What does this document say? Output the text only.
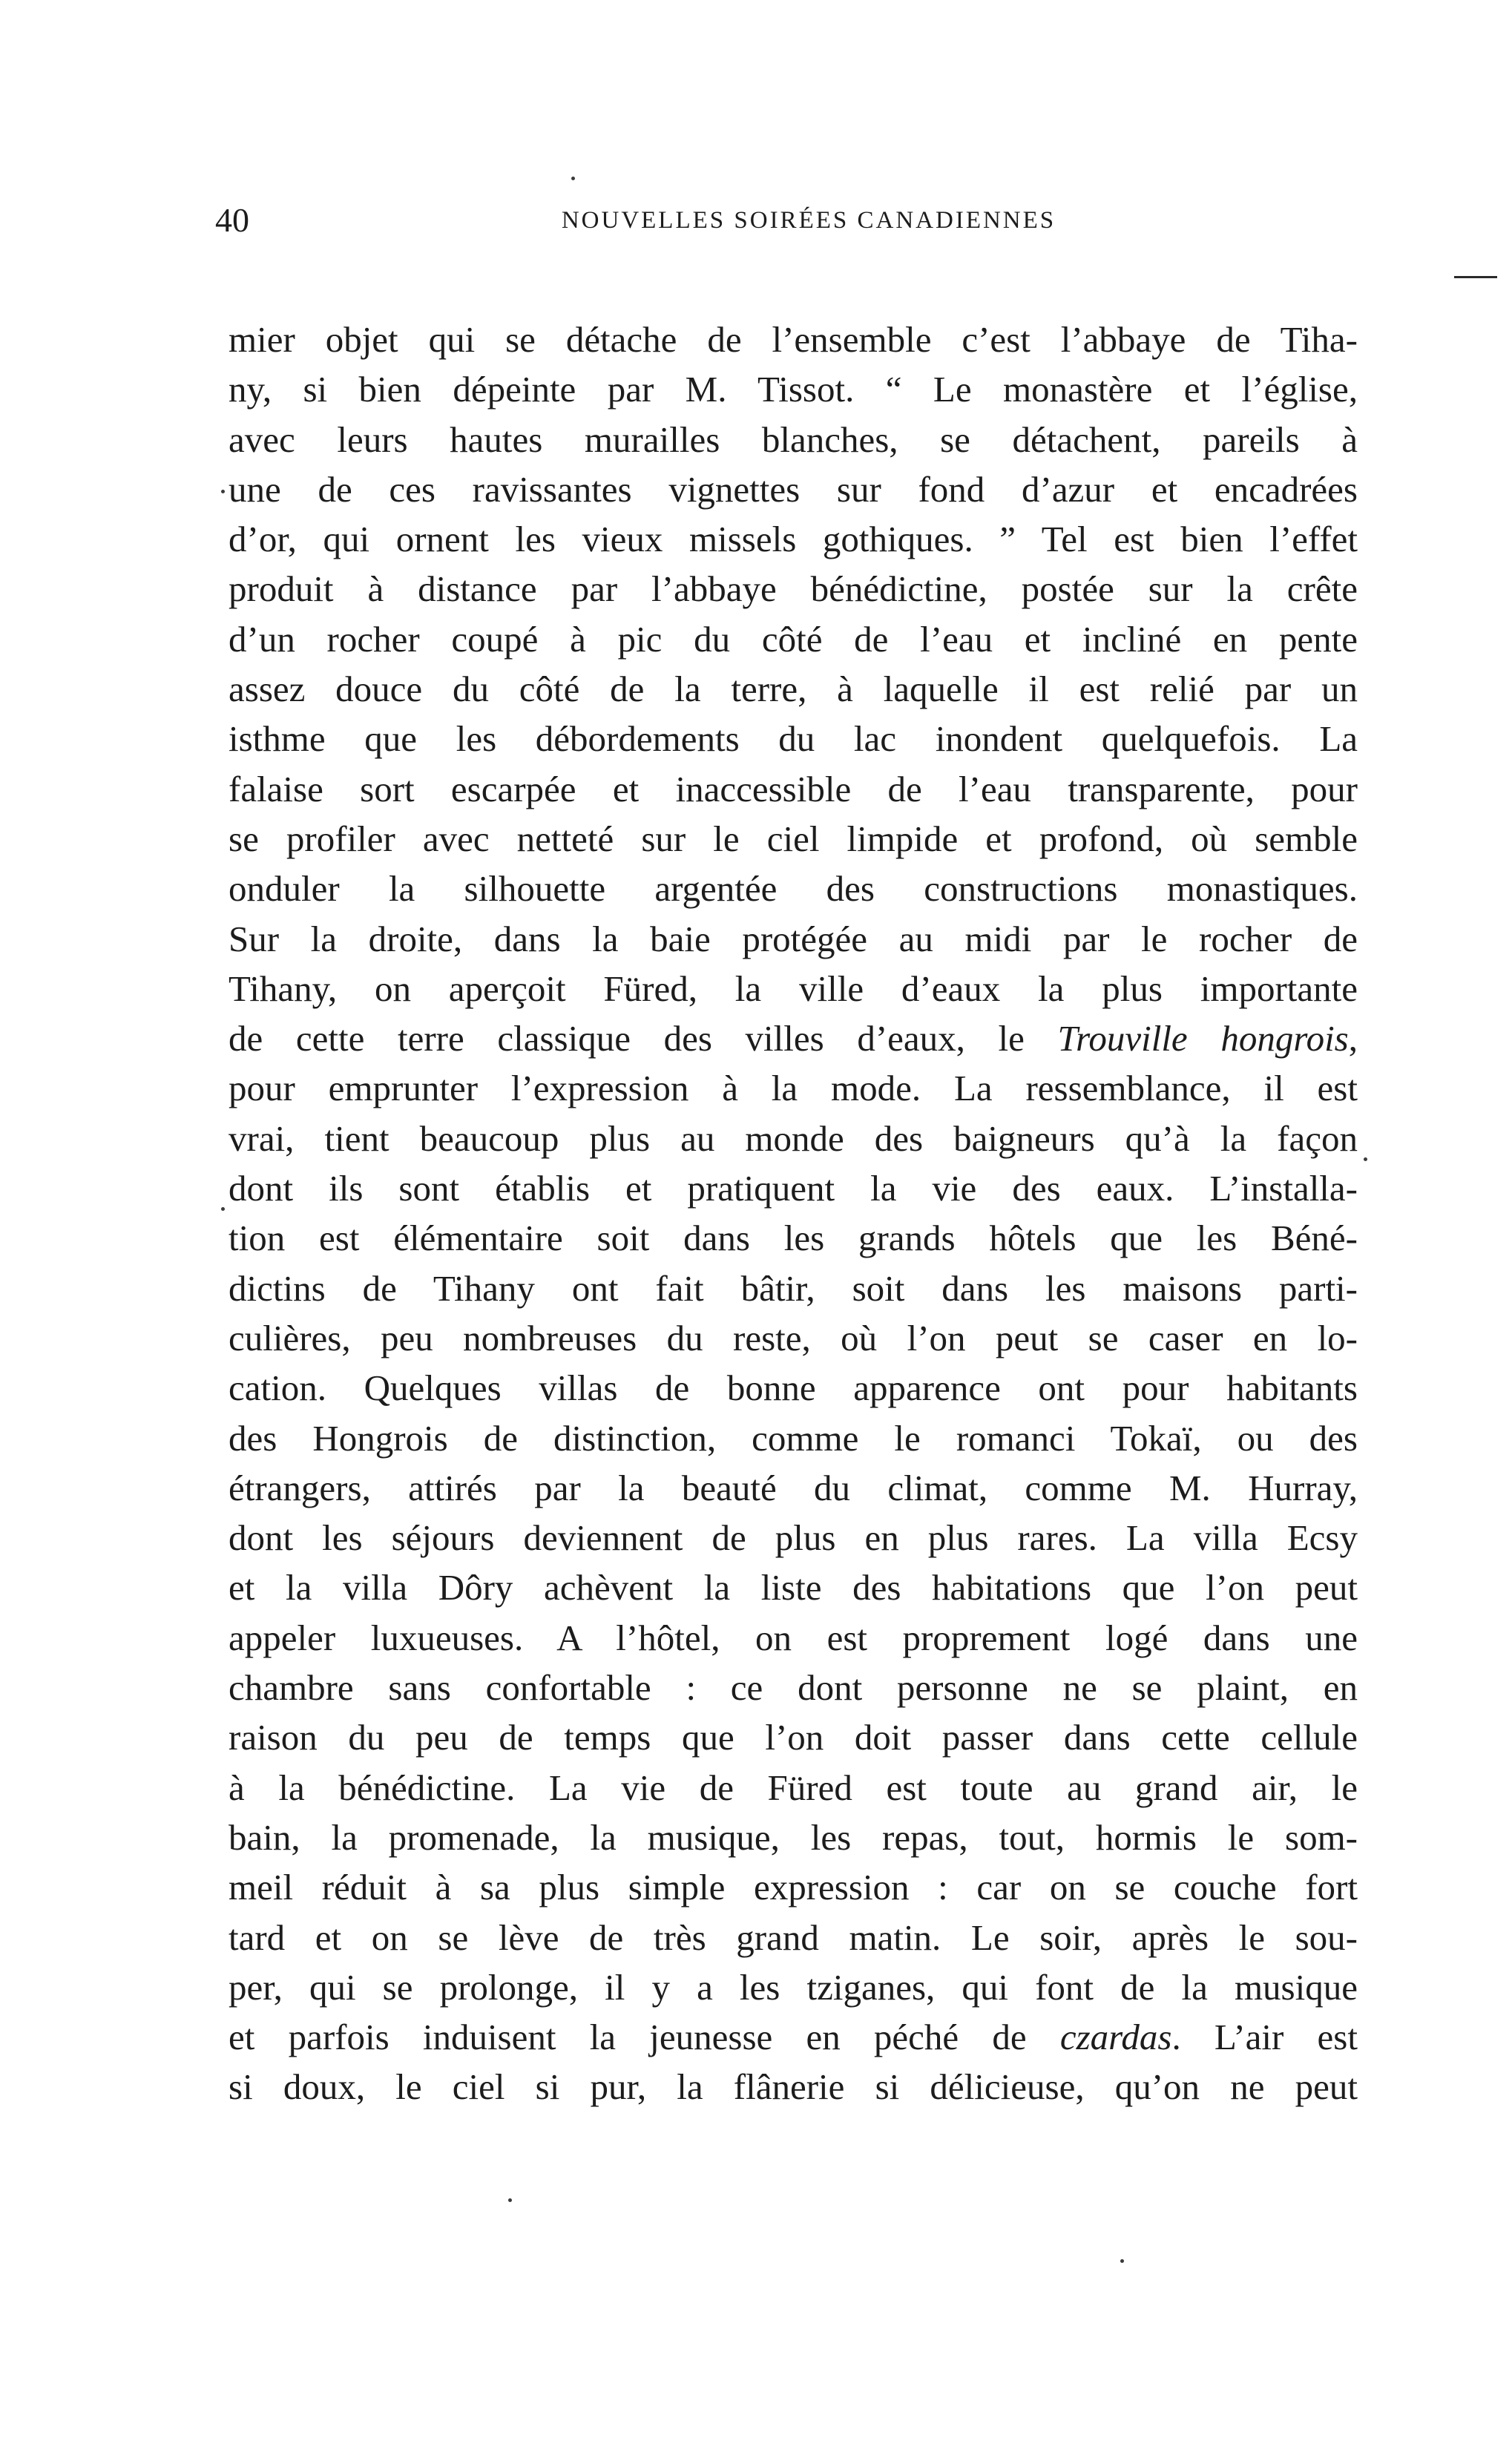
40	NOUVELLES SOIRÉES CANADIENNES
mier objet qui se détache de l’ensemble c’est l’abbaye de Tiha-
ny, si bien dépeinte par M. Tissot. “ Le monastère et l’église,
avec leurs hautes murailles blanches, se détachent, pareils à
une de ces ravissantes vignettes sur fond d’azur et encadrées
d’or, qui ornent les vieux missels gothiques. ” Tel est bien l’effet
produit à distance par l’abbaye bénédictine, postée sur la crête
d’un rocher coupé à pic du côté de l’eau et incliné en pente
assez douce du côté de la terre, à laquelle il est relié par un
isthme que les débordements du lac inondent quelquefois. La
falaise sort escarpée et inaccessible de l’eau transparente, pour
se profiler avec netteté sur le ciel limpide et profond, où semble
onduler la silhouette argentée des constructions monastiques.
Sur la droite, dans la baie protégée au midi par le rocher de
Tihany, on aperçoit Füred, la ville d’eaux la plus importante
de cette terre classique des villes d’eaux, le Trouville hongrois,
pour emprunter l’expression à la mode. La ressemblance, il est
vrai, tient beaucoup plus au monde des baigneurs qu’à la façon
dont ils sont établis et pratiquent la vie des eaux. L’installa-
tion est élémentaire soit dans les grands hôtels que les Béné-
dictins de Tihany ont fait bâtir, soit dans les maisons parti-
culières, peu nombreuses du reste, où l’on peut se caser en lo-
cation. Quelques villas de bonne apparence ont pour habitants
des Hongrois de distinction, comme le romanci Tokaï, ou des
étrangers, attirés par la beauté du climat, comme M. Hurray,
dont les séjours deviennent de plus en plus rares. La villa Ecsy
et la villa Dôry achèvent la liste des habitations que l’on peut
appeler luxueuses. A l’hôtel, on est proprement logé dans une
chambre sans confortable : ce dont personne ne se plaint, en
raison du peu de temps que l’on doit passer dans cette cellule
à la bénédictine. La vie de Füred est toute au grand air, le
bain, la promenade, la musique, les repas, tout, hormis le som-
meil réduit à sa plus simple expression : car on se couche fort
tard et on se lève de très grand matin. Le soir, après le sou-
per, qui se prolonge, il y a les tziganes, qui font de la musique
et parfois induisent la jeunesse en péché de czardas. L’air est
si doux, le ciel si pur, la flânerie si délicieuse, qu’on ne peut
